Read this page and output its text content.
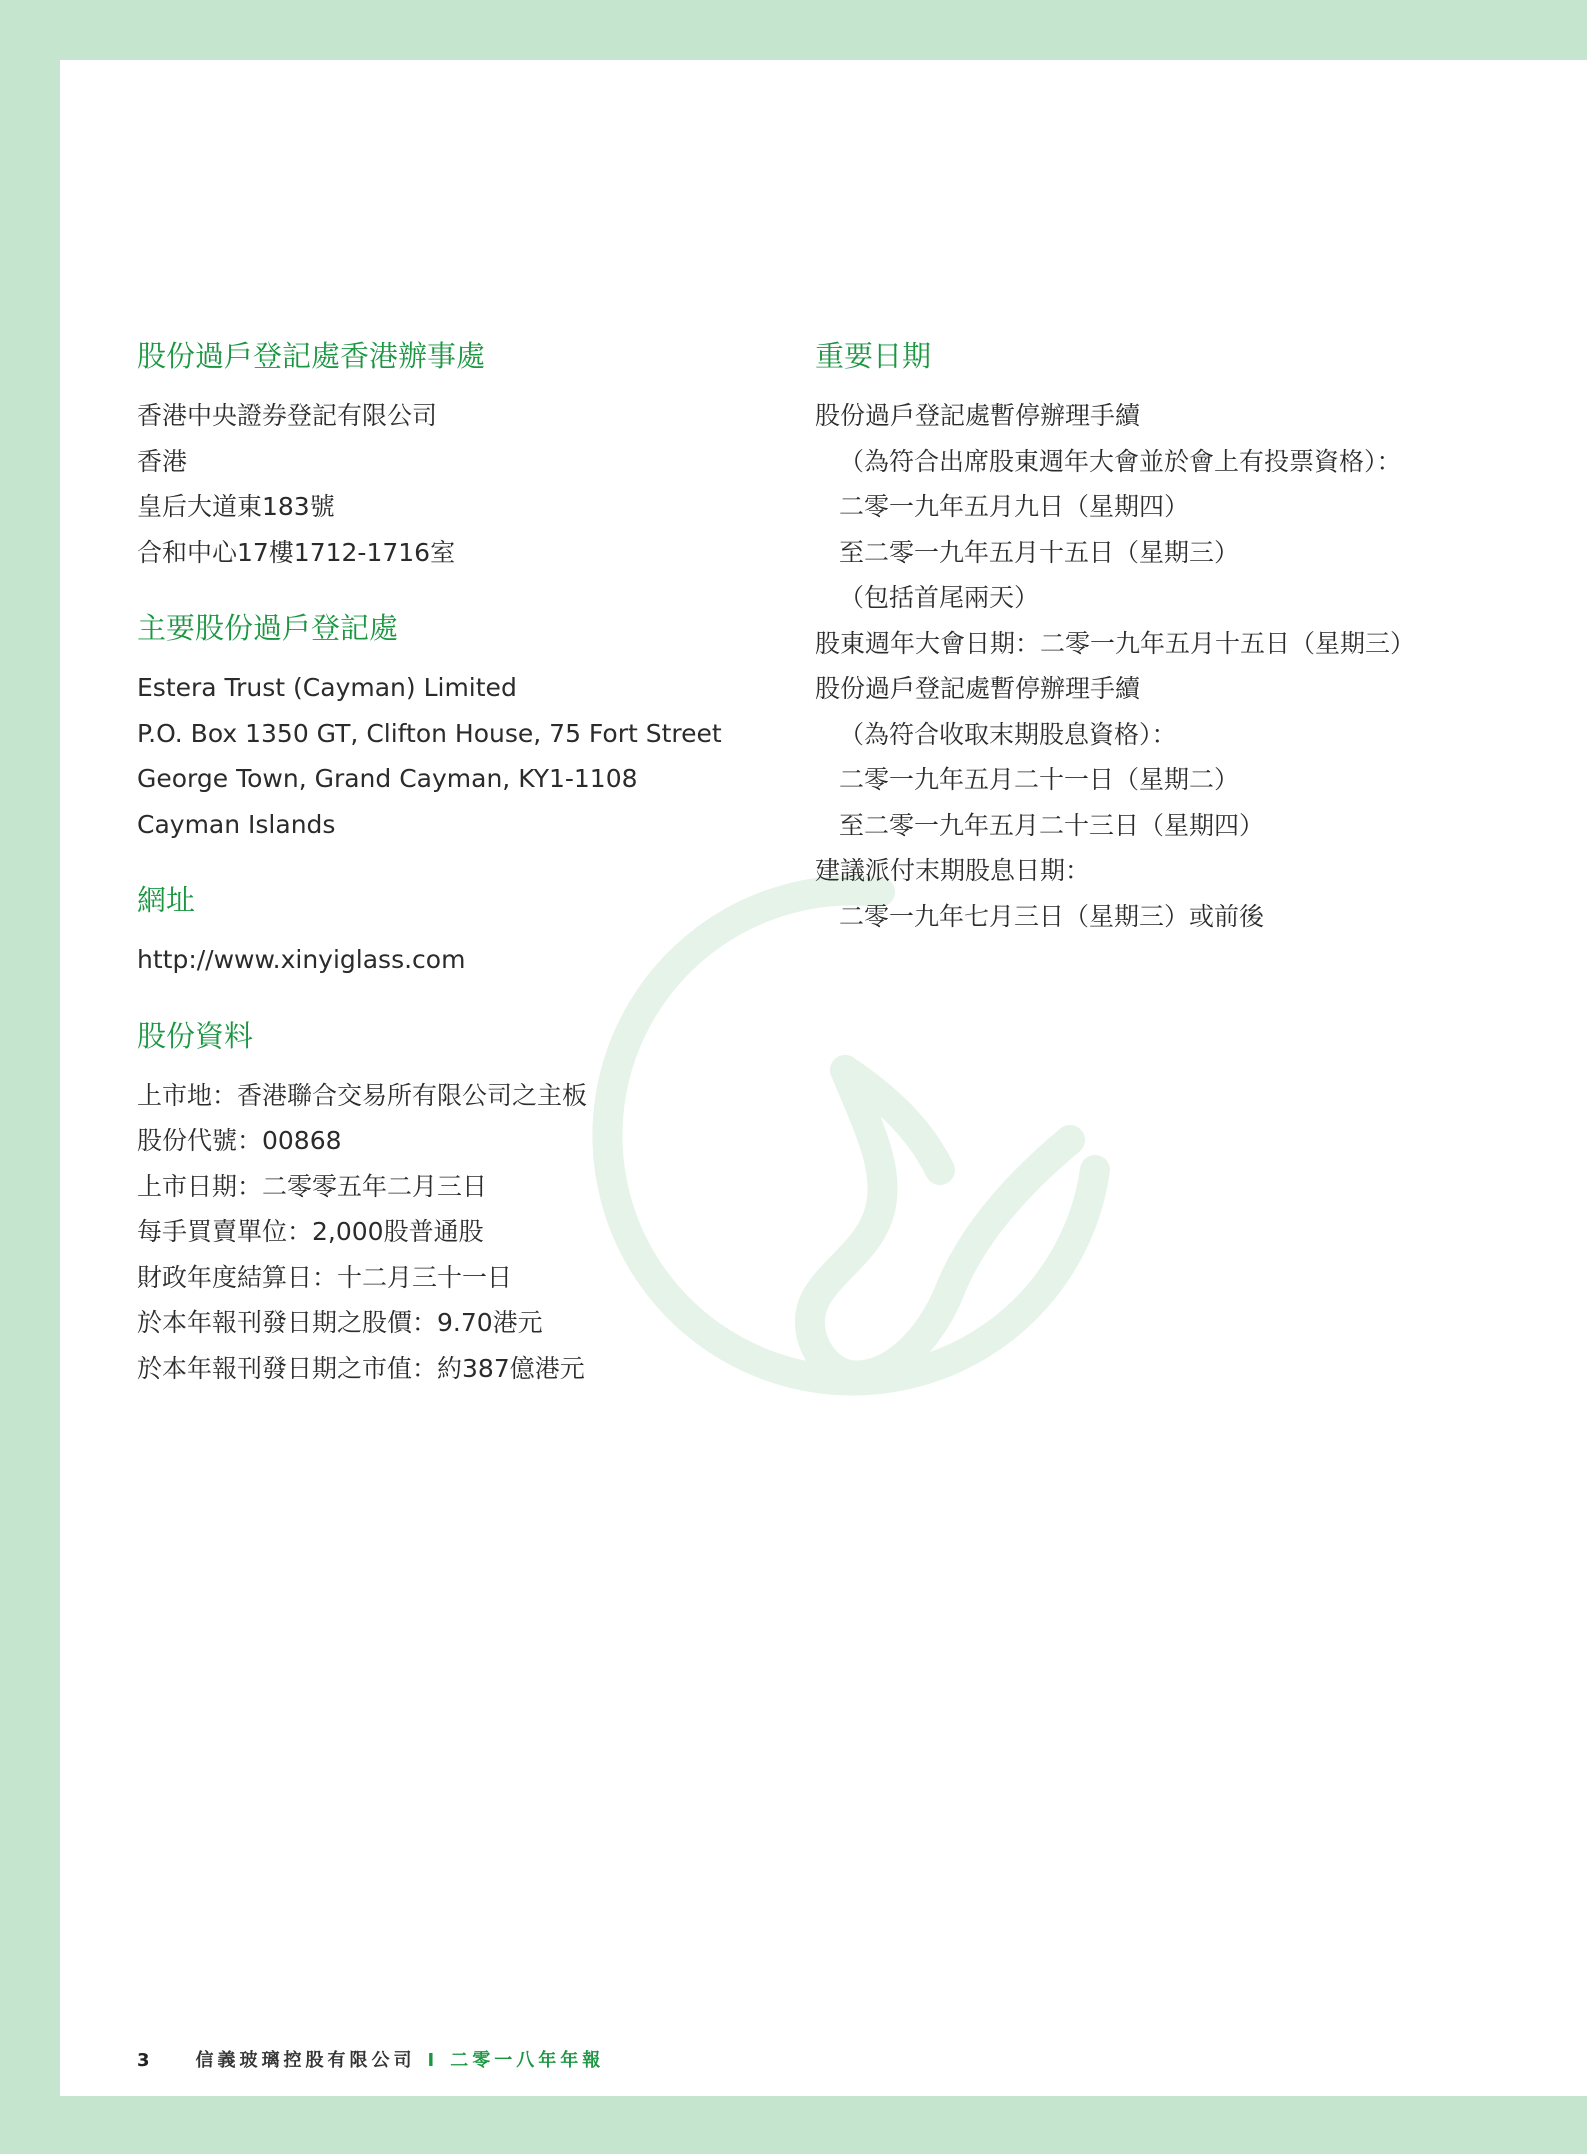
股份過戶登記處香港辦事處
香港中央證券登記有限公司
香港
皇后大道東183號
合和中心17樓1712-1716室
主要股份過戶登記處
Estera Trust (Cayman) Limited
P.O. Box 1350 GT, Clifton House, 75 Fort Street
George Town, Grand Cayman, KY1-1108
Cayman Islands
網址
http://www.xinyiglass.com
股份資料
上市地：香港聯合交易所有限公司之主板
股份代號：00868
上市日期：二零零五年二月三日
每手買賣單位：2,000股普通股
財政年度結算日：十二月三十一日
於本年報刊發日期之股價：9.70港元
於本年報刊發日期之市值：約387億港元
重要日期
股份過戶登記處暫停辦理手續
（為符合出席股東週年大會並於會上有投票資格）：
二零一九年五月九日（星期四）
至二零一九年五月十五日（星期三）
（包括首尾兩天）
股東週年大會日期：二零一九年五月十五日（星期三）
股份過戶登記處暫停辦理手續
（為符合收取末期股息資格）：
二零一九年五月二十一日（星期二）
至二零一九年五月二十三日（星期四）
建議派付末期股息日期：
二零一九年七月三日（星期三）或前後
3	信義玻璃控股有限公司 I 二零一八年年報
